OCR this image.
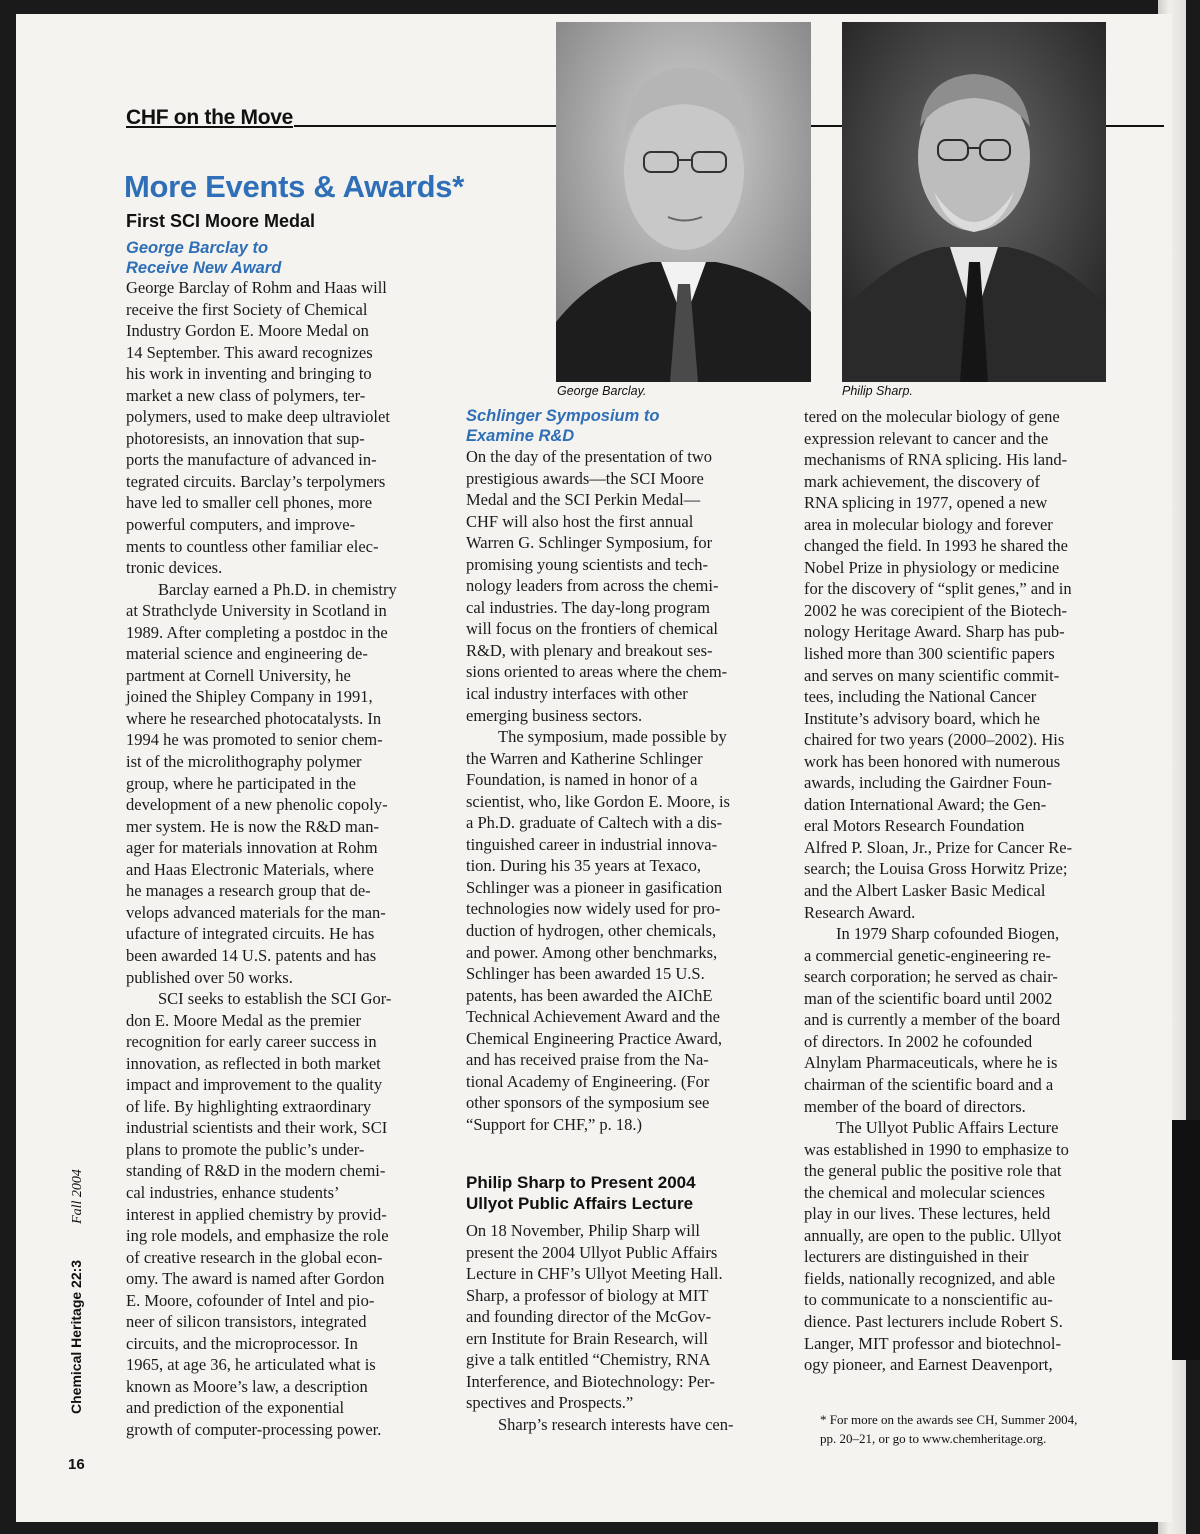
CHF on the Move
More Events & Awards*
First SCI Moore Medal
George Barclay to
Receive New Award

George Barclay of Rohm and Haas will
receive the first Society of Chemical
Industry Gordon E. Moore Medal on
14 September. This award recognizes
his work in inventing and bringing to
market a new class of polymers, ter-
polymers, used to make deep ultraviolet
photoresists, an innovation that sup-
ports the manufacture of advanced in-
tegrated circuits. Barclay’s terpolymers
have led to smaller cell phones, more
powerful computers, and improve-
ments to countless other familiar elec-
tronic devices.

Barclay earned a Ph.D. in chemistry
at Strathclyde University in Scotland in
1989. After completing a postdoc in the
material science and engineering de-
partment at Cornell University, he
joined the Shipley Company in 1991,
where he researched photocatalysts. In
1994 he was promoted to senior chem-
ist of the microlithography polymer
group, where he participated in the
development of a new phenolic copoly-
mer system. He is now the R&D man-
ager for materials innovation at Rohm
and Haas Electronic Materials, where
he manages a research group that de-
velops advanced materials for the man-
ufacture of integrated circuits. He has
been awarded 14 U.S. patents and has
published over 50 works.

SCI seeks to establish the SCI Gor-
don E. Moore Medal as the premier
recognition for early career success in
innovation, as reflected in both market
impact and improvement to the quality
of life. By highlighting extraordinary
industrial scientists and their work, SCI
plans to promote the public’s under-
standing of R&D in the modern chemi-
cal industries, enhance students’
interest in applied chemistry by provid-
ing role models, and emphasize the role
of creative research in the global econ-
omy. The award is named after Gordon
E. Moore, cofounder of Intel and pio-
neer of silicon transistors, integrated
circuits, and the microprocessor. In
1965, at age 36, he articulated what is
known as Moore’s law, a description
and prediction of the exponential
growth of computer-processing power.

George Barclay.	Philip Sharp.
Schlinger Symposium to
Examine R&D

On the day of the presentation of two
prestigious awards—the SCI Moore
Medal and the SCI Perkin Medal—
CHF will also host the first annual
Warren G. Schlinger Symposium, for
promising young scientists and tech-
nology leaders from across the chemi-
cal industries. The day-long program
will focus on the frontiers of chemical
R&D, with plenary and breakout ses-
sions oriented to areas where the chem-
ical industry interfaces with other
emerging business sectors.

The symposium, made possible by
the Warren and Katherine Schlinger
Foundation, is named in honor of a
scientist, who, like Gordon E. Moore, is
a Ph.D. graduate of Caltech with a dis-
tinguished career in industrial innova-
tion. During his 35 years at Texaco,
Schlinger was a pioneer in gasification
technologies now widely used for pro-
duction of hydrogen, other chemicals,
and power. Among other benchmarks,
Schlinger has been awarded 15 U.S.
patents, has been awarded the AIChE
Technical Achievement Award and the
Chemical Engineering Practice Award,
and has received praise from the Na-
tional Academy of Engineering. (For
other sponsors of the symposium see
“Support for CHF,” p. 18.)

Philip Sharp to Present 2004
Ullyot Public Affairs Lecture

On 18 November, Philip Sharp will
present the 2004 Ullyot Public Affairs
Lecture in CHF’s Ullyot Meeting Hall.
Sharp, a professor of biology at MIT
and founding director of the McGov-
ern Institute for Brain Research, will
give a talk entitled “Chemistry, RNA
Interference, and Biotechnology: Per-
spectives and Prospects.”

Sharp’s research interests have cen-

tered on the molecular biology of gene
expression relevant to cancer and the
mechanisms of RNA splicing. His land-
mark achievement, the discovery of
RNA splicing in 1977, opened a new
area in molecular biology and forever
changed the field. In 1993 he shared the
Nobel Prize in physiology or medicine
for the discovery of “split genes,” and in
2002 he was corecipient of the Biotech-
nology Heritage Award. Sharp has pub-
lished more than 300 scientific papers
and serves on many scientific commit-
tees, including the National Cancer
Institute’s advisory board, which he
chaired for two years (2000–2002). His
work has been honored with numerous
awards, including the Gairdner Foun-
dation International Award; the Gen-
eral Motors Research Foundation
Alfred P. Sloan, Jr., Prize for Cancer Re-
search; the Louisa Gross Horwitz Prize;
and the Albert Lasker Basic Medical
Research Award.

In 1979 Sharp cofounded Biogen,
a commercial genetic-engineering re-
search corporation; he served as chair-
man of the scientific board until 2002
and is currently a member of the board
of directors. In 2002 he cofounded
Alnylam Pharmaceuticals, where he is
chairman of the scientific board and a
member of the board of directors.

The Ullyot Public Affairs Lecture
was established in 1990 to emphasize to
the general public the positive role that
the chemical and molecular sciences
play in our lives. These lectures, held
annually, are open to the public. Ullyot
lecturers are distinguished in their
fields, nationally recognized, and able
to communicate to a nonscientific au-
dience. Past lecturers include Robert S.
Langer, MIT professor and biotechnol-
ogy pioneer, and Earnest Deavenport,

* For more on the awards see CH, Summer 2004,
pp. 20–21, or go to www.chemheritage.org.
Chemical Heritage 22:3Fall 2004
16
